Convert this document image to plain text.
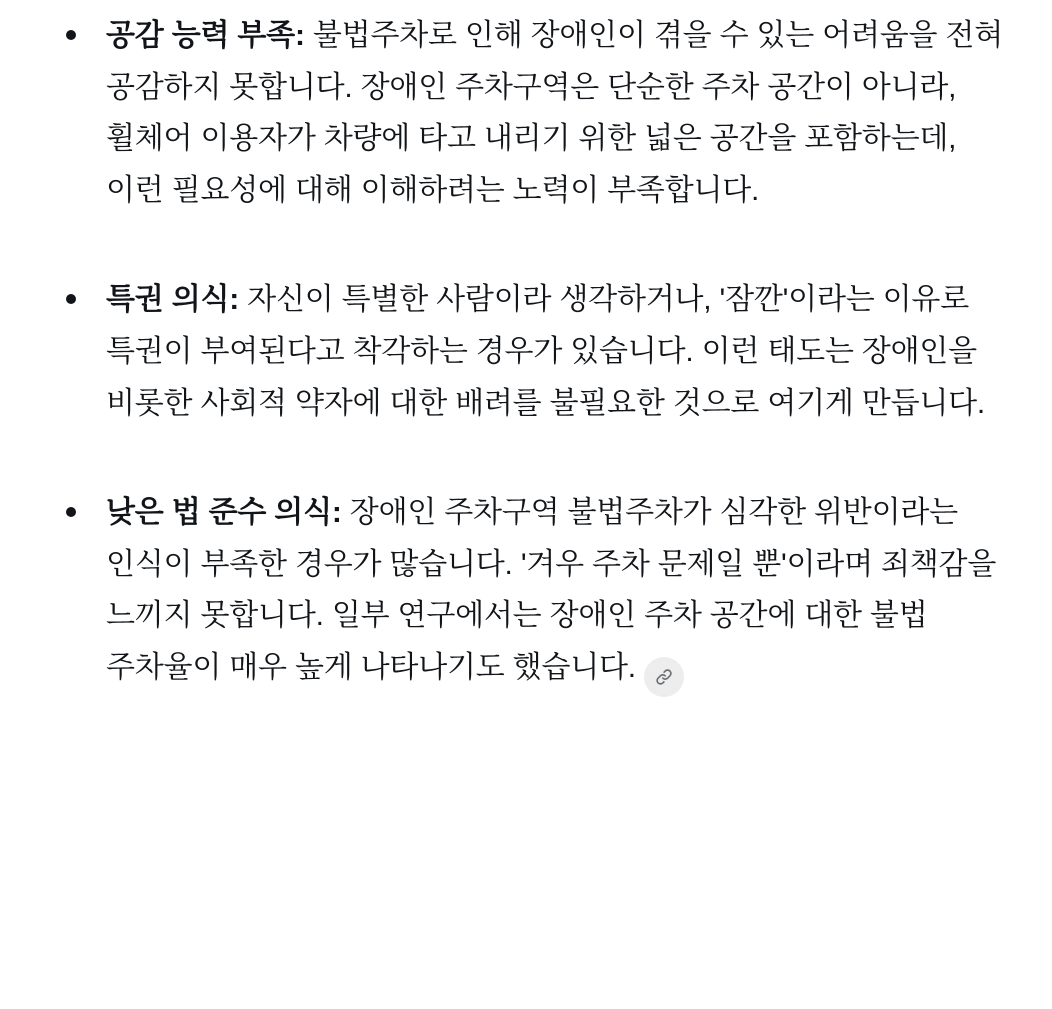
공감 능력 부족: 불법주차로 인해 장애인이 겪을 수 있는 어려움을 전혀 공감하지 못합니다. 장애인 주차구역은 단순한 주차 공간이 아니라, 휠체어 이용자가 차량에 타고 내리기 위한 넓은 공간을 포함하는데, 이런 필요성에 대해 이해하려는 노력이 부족합니다.
특권 의식: 자신이 특별한 사람이라 생각하거나, '잠깐'이라는 이유로 특권이 부여된다고 착각하는 경우가 있습니다. 이런 태도는 장애인을 비롯한 사회적 약자에 대한 배려를 불필요한 것으로 여기게 만듭니다.
낮은 법 준수 의식: 장애인 주차구역 불법주차가 심각한 위반이라는 인식이 부족한 경우가 많습니다. '겨우 주차 문제일 뿐'이라며 죄책감을 느끼지 못합니다. 일부 연구에서는 장애인 주차 공간에 대한 불법 주차율이 매우 높게 나타나기도 했습니다.
